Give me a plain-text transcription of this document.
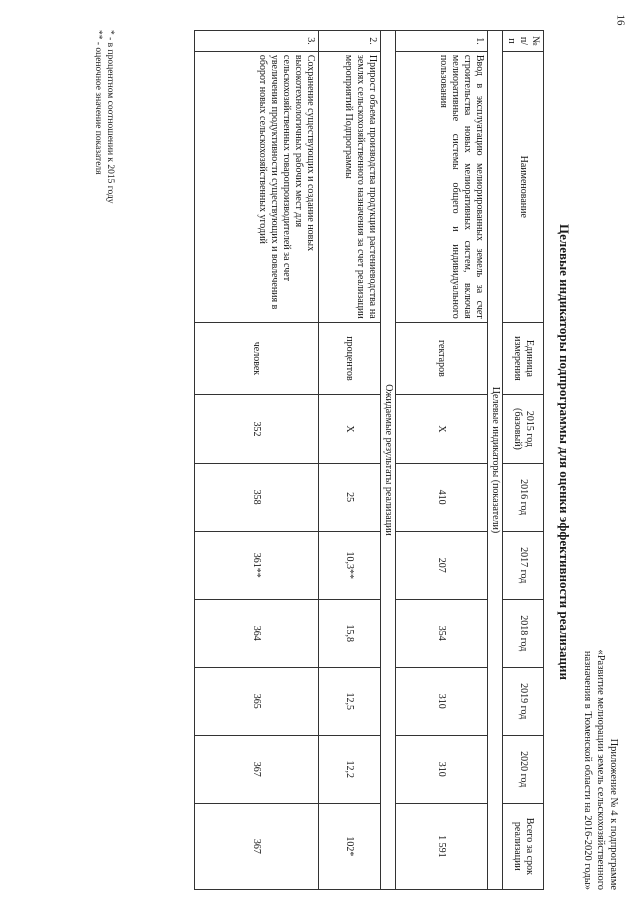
16
Приложение № 4 к подпрограмме
«Развитие мелиорации земель сельскохозяйственного
назначения в Тюменской области на 2016-2020 годы»
Целевые индикаторы подпрограммы для оценки эффективности реализации
№ п/ п	Наименование	Единица измерения	2015 год (базовый)	2016 год	2017 год	2018 год	2019 год	2020 год	Всего за срок реализации
Целевые индикаторы (показатели)									
1.	Ввод в эксплуатацию мелиорированных земель за счет строительства новых мелиоративных систем, включая мелиоративные системы общего и индивидуального пользования	гектаров	Х	410	207	354	310	310	1 591
Ожидаемые результаты реализации									
2.	Прирост объема производства продукции растениеводства на землях сельскохозяйственного назначения за счет реализации мероприятий Подпрограммы	процентов	Х	25	10,3**	15,8	12,5	12,2	102*
3.	Сохранение существующих и создание новых высокотехнологичных рабочих мест для сельскохозяйственных товаропроизводителей за счет увеличения продуктивности существующих и вовлечения в оборот новых сельскохозяйственных угодий	человек	352	358	361**	364	365	367	367
* - в процентном соотношении к 2015 году
** - оценочное значение показателя
